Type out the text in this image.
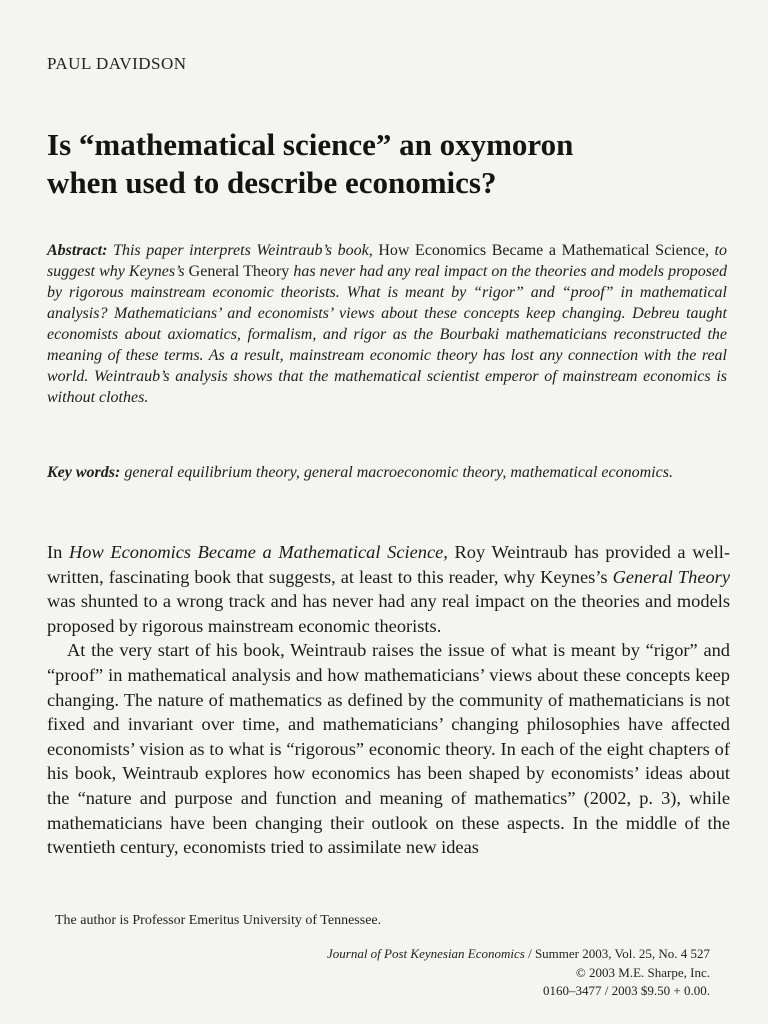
PAUL DAVIDSON
Is “mathematical science” an oxymoron
when used to describe economics?
Abstract: This paper interprets Weintraub’s book, How Economics Became a Mathematical Science, to suggest why Keynes’s General Theory has never had any real impact on the theories and models proposed by rigorous mainstream economic theorists. What is meant by “rigor” and “proof” in mathematical analysis? Mathematicians’ and economists’ views about these concepts keep changing. Debreu taught economists about axiomatics, formalism, and rigor as the Bourbaki mathematicians reconstructed the meaning of these terms. As a result, mainstream economic theory has lost any connection with the real world. Weintraub’s analysis shows that the mathematical scientist emperor of mainstream economics is without clothes.
Key words: general equilibrium theory, general macroeconomic theory, mathematical economics.

In How Economics Became a Mathematical Science, Roy Weintraub has provided a well-written, fascinating book that suggests, at least to this reader, why Keynes’s General Theory was shunted to a wrong track and has never had any real impact on the theories and models proposed by rigorous mainstream economic theorists.

At the very start of his book, Weintraub raises the issue of what is meant by “rigor” and “proof” in mathematical analysis and how mathematicians’ views about these concepts keep changing. The nature of mathematics as defined by the community of mathematicians is not fixed and invariant over time, and mathematicians’ changing philosophies have affected economists’ vision as to what is “rigorous” economic theory. In each of the eight chapters of his book, Weintraub explores how economics has been shaped by economists’ ideas about the “nature and purpose and function and meaning of mathematics” (2002, p. 3), while mathematicians have been changing their outlook on these aspects. In the middle of the twentieth century, economists tried to assimilate new ideas

The author is Professor Emeritus University of Tennessee.
Journal of Post Keynesian Economics / Summer 2003, Vol. 25, No. 4 527
© 2003 M.E. Sharpe, Inc.
0160–3477 / 2003 $9.50 + 0.00.
